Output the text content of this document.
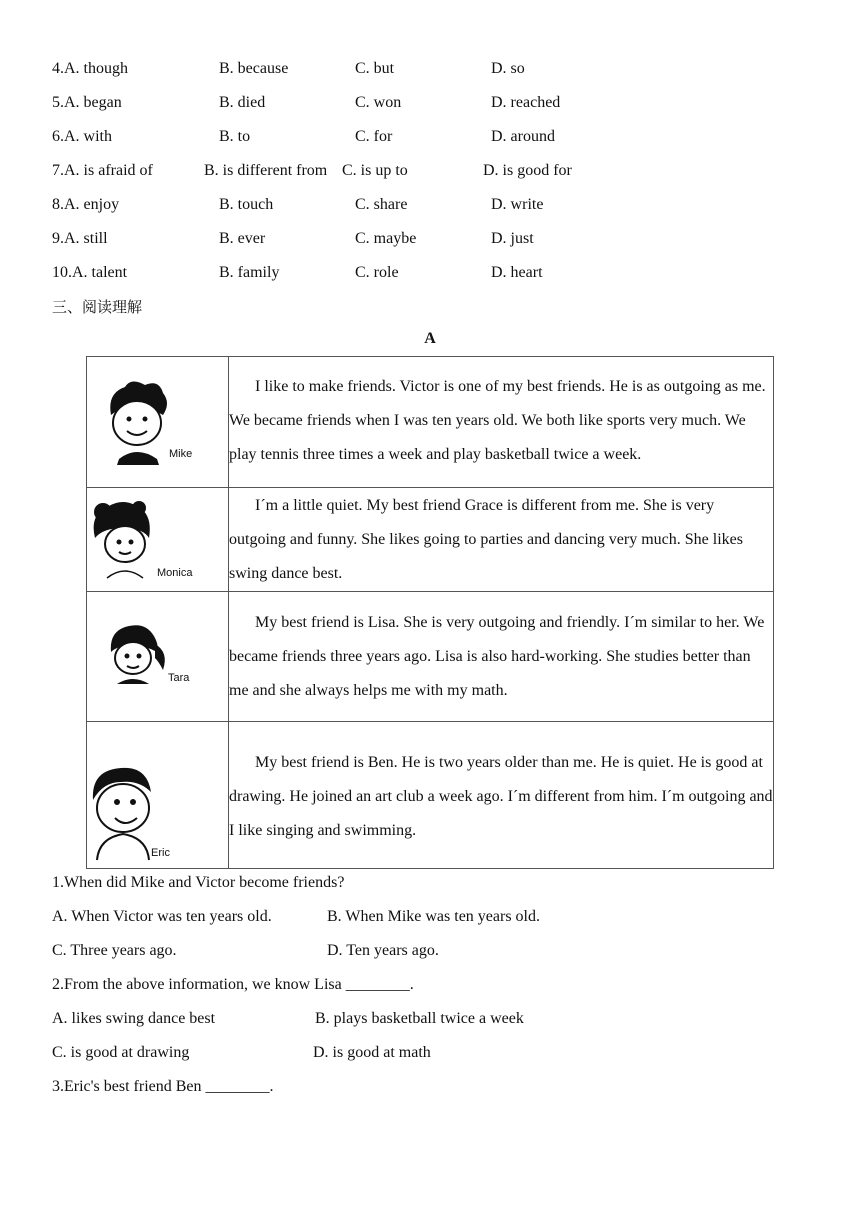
4.A. though	B. because	C. but	D. so
5.A. began	B. died	C. won	D. reached
6.A. with	B. to	C. for	D. around
7.A. is afraid of	B. is different from C. is up to	D. is good for
8.A. enjoy	B. touch	C. share	D. write
9.A. still	B. ever	C. maybe	D. just
10.A. talent	B. family	C. role	D. heart
三、阅读理解
A
Mike	I like to make friends. Victor is one of my best friends. He is as outgoing as me. We became friends when I was ten years old. We both like sports very much. We play tennis three times a week and play basketball twice a week.

Monica	I´m a little quiet. My best friend Grace is different from me. She is very outgoing and funny. She likes going to parties and dancing very much. She likes swing dance best.

Tara	My best friend is Lisa. She is very outgoing and friendly. I´m similar to her. We became friends three years ago. Lisa is also hard-working. She studies better than me and she always helps me with my math.

Eric	My best friend is Ben. He is two years older than me. He is quiet. He is good at drawing. He joined an art club a week ago. I´m different from him. I´m outgoing and I like singing and swimming.

1.When did Mike and Victor become friends?
A. When Victor was ten years old.	B. When Mike was ten years old.
C. Three years ago.	D. Ten years ago.
2.From the above information, we know Lisa ________.
A. likes swing dance best	B. plays basketball twice a week
C. is good at drawing	D. is good at math
3.Eric's best friend Ben ________.
